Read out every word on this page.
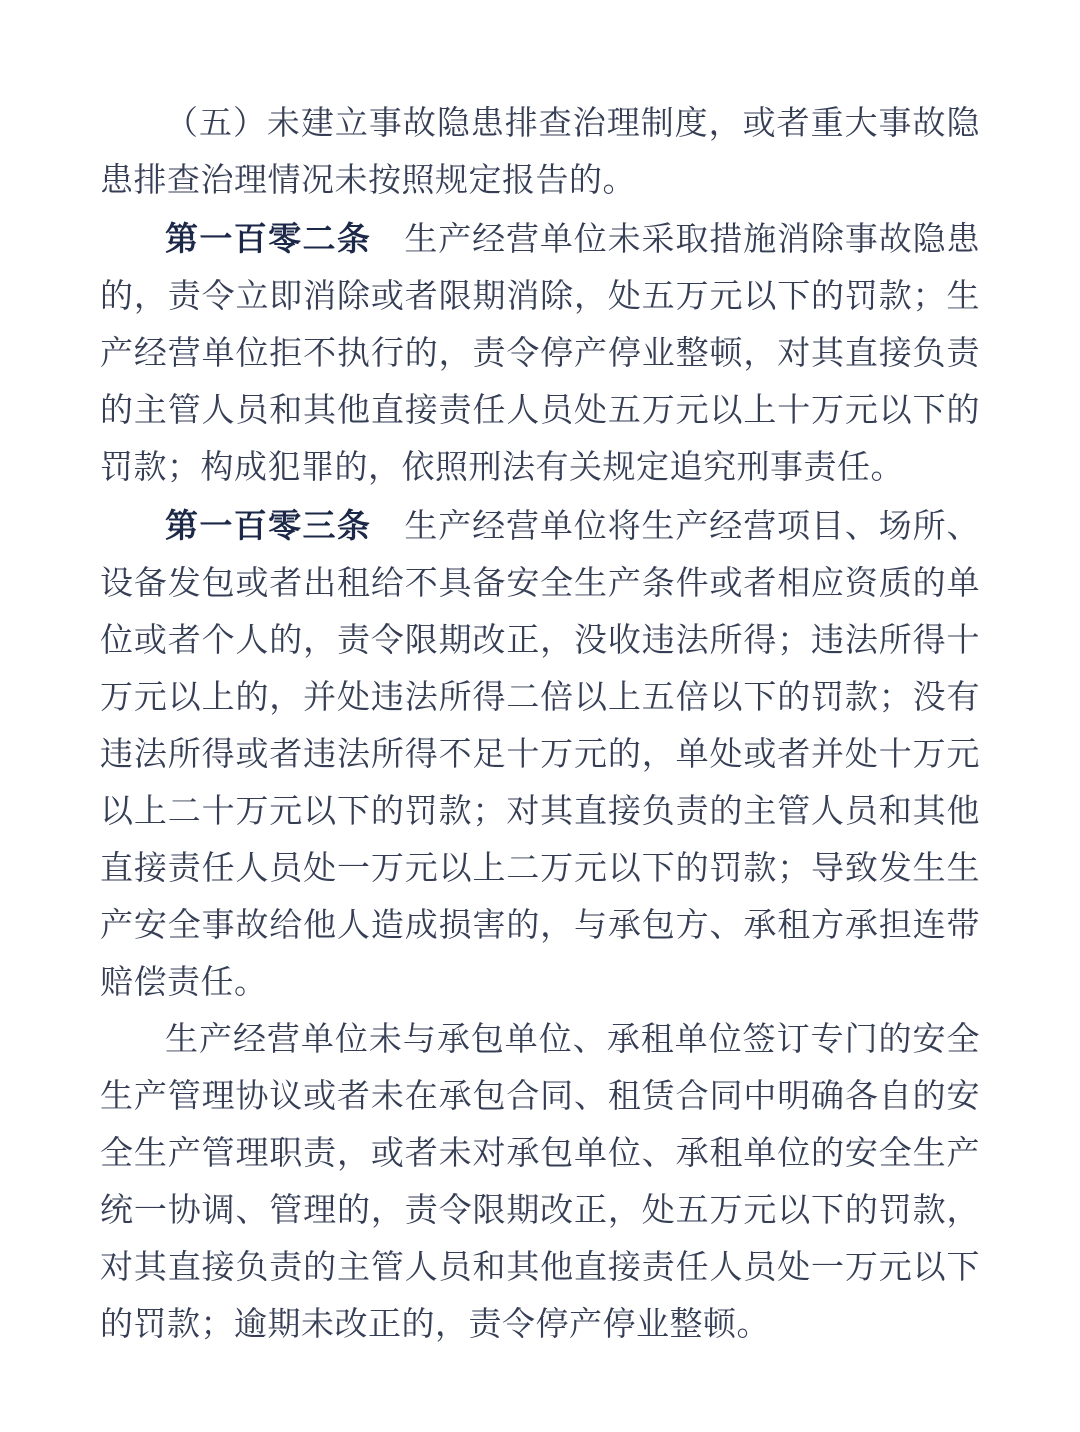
（五）未建立事故隐患排查治理制度，或者重大事故隐患排查治理情况未按照规定报告的。

第一百零二条 生产经营单位未采取措施消除事故隐患的，责令立即消除或者限期消除，处五万元以下的罚款；生产经营单位拒不执行的，责令停产停业整顿，对其直接负责的主管人员和其他直接责任人员处五万元以上十万元以下的罚款；构成犯罪的，依照刑法有关规定追究刑事责任。

第一百零三条 生产经营单位将生产经营项目、场所、设备发包或者出租给不具备安全生产条件或者相应资质的单位或者个人的，责令限期改正，没收违法所得；违法所得十万元以上的，并处违法所得二倍以上五倍以下的罚款；没有违法所得或者违法所得不足十万元的，单处或者并处十万元以上二十万元以下的罚款；对其直接负责的主管人员和其他直接责任人员处一万元以上二万元以下的罚款；导致发生生产安全事故给他人造成损害的，与承包方、承租方承担连带赔偿责任。

生产经营单位未与承包单位、承租单位签订专门的安全生产管理协议或者未在承包合同、租赁合同中明确各自的安全生产管理职责，或者未对承包单位、承租单位的安全生产统一协调、管理的，责令限期改正，处五万元以下的罚款，对其直接负责的主管人员和其他直接责任人员处一万元以下的罚款；逾期未改正的，责令停产停业整顿。
